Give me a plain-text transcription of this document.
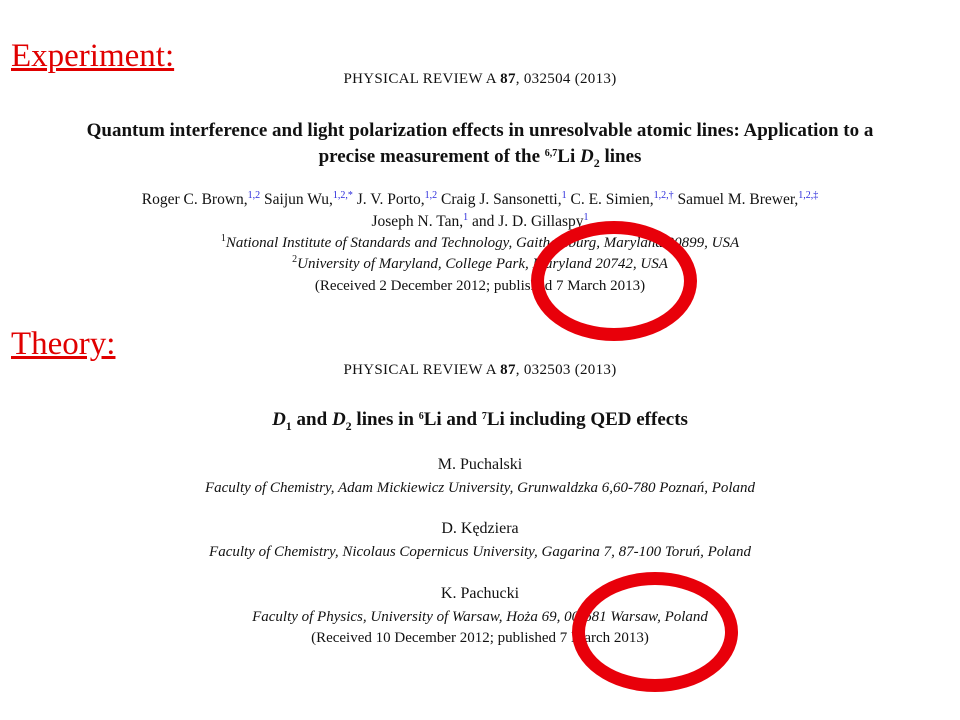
Experiment:
PHYSICAL REVIEW A 87, 032504 (2013)
Quantum interference and light polarization effects in unresolvable atomic lines: Application to a
precise measurement of the $^{6,7}$Li $D_2$ lines
Roger C. Brown,$^{1,2}$ Saijun Wu,$^{1,2,*}$ J. V. Porto,$^{1,2}$ Craig J. Sansonetti,$^1$ C. E. Simien,$^{1,2,\dagger}$ Samuel M. Brewer,$^{1,2,\ddagger}$
Joseph N. Tan,$^1$ and J. D. Gillaspy$^1$
$^1$National Institute of Standards and Technology, Gaithersburg, Maryland 20899, USA
$^2$University of Maryland, College Park, Maryland 20742, USA
(Received 2 December 2012; published 7 March 2013)
Theory:
PHYSICAL REVIEW A 87, 032503 (2013)
$D_1$ and $D_2$ lines in $^6$Li and $^7$Li including QED effects
M. Puchalski
Faculty of Chemistry, Adam Mickiewicz University, Grunwaldzka 6,60-780 Poznań, Poland
D. Kędziera
Faculty of Chemistry, Nicolaus Copernicus University, Gagarina 7, 87-100 Toruń, Poland
K. Pachucki
Faculty of Physics, University of Warsaw, Hoża 69, 00-681 Warsaw, Poland
(Received 10 December 2012; published 7 March 2013)
